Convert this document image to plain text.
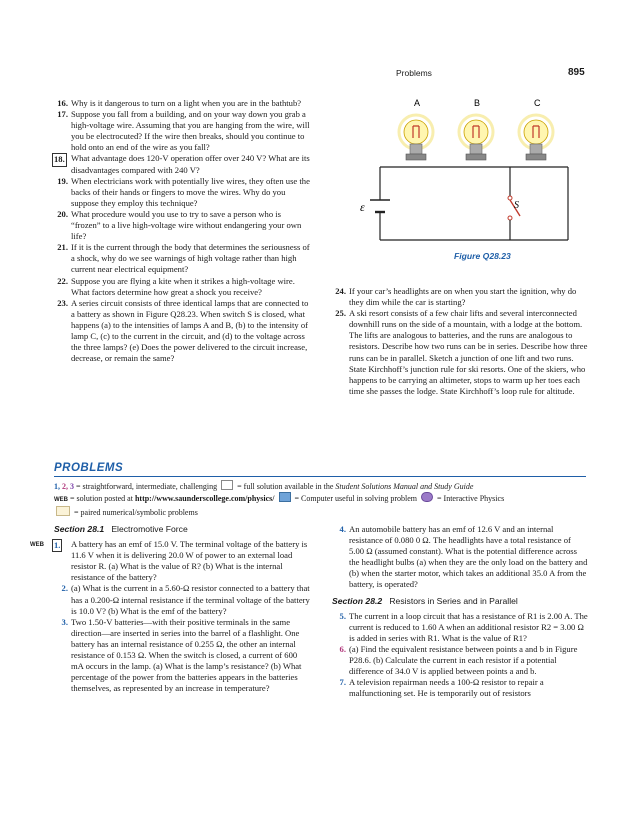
Problems	895

16. Why is it dangerous to turn on a light when you are in the bathtub?

17. Suppose you fall from a building, and on your way down you grab a high-voltage wire. Assuming that you are hanging from the wire, will you be electrocuted? If the wire then breaks, should you continue to hold onto an end of the wire as you fall?

18. What advantage does 120-V operation offer over 240 V? What are its disadvantages compared with 240 V?

19. When electricians work with potentially live wires, they often use the backs of their hands or fingers to move the wires. Why do you suppose they employ this technique?

20. What procedure would you use to try to save a person who is “frozen” to a live high-voltage wire without endangering your own life?

21. If it is the current through the body that determines the seriousness of a shock, why do we see warnings of high voltage rather than high current near electrical equipment?

22. Suppose you are flying a kite when it strikes a high-voltage wire. What factors determine how great a shock you receive?

23. A series circuit consists of three identical lamps that are connected to a battery as shown in Figure Q28.23. When switch S is closed, what happens (a) to the intensities of lamps A and B, (b) to the intensity of lamp C, (c) to the current in the circuit, and (d) to the voltage across the three lamps? (e) Does the power delivered to the circuit increase, decrease, or remain the same?

A	B	C
ε	S
Figure Q28.23

24. If your car’s headlights are on when you start the ignition, why do they dim while the car is starting?

25. A ski resort consists of a few chair lifts and several interconnected downhill runs on the side of a mountain, with a lodge at the bottom. The lifts are analogous to batteries, and the runs are analogous to resistors. Describe how two runs can be in series. Describe how three runs can be in parallel. Sketch a junction of one lift and two runs. State Kirchhoff’s junction rule for ski resorts. One of the skiers, who happens to be carrying an altimeter, stops to warm up her toes each time she passes the lodge. State Kirchhoff’s loop rule for altitude.

PROBLEMS
1, 2, 3 = straightforward, intermediate, challenging  = full solution available in the Student Solutions Manual and Study Guide
WEB = solution posted at http://www.saunderscollege.com/physics/  = Computer useful in solving problem  = Interactive Physics
= paired numerical/symbolic problems
Section 28.1 Electromotive Force

WEB 1. A battery has an emf of 15.0 V. The terminal voltage of the battery is 11.6 V when it is delivering 20.0 W of power to an external load resistor R. (a) What is the value of R? (b) What is the internal resistance of the battery?

2. (a) What is the current in a 5.60-Ω resistor connected to a battery that has a 0.200-Ω internal resistance if the terminal voltage of the battery is 10.0 V? (b) What is the emf of the battery?

3. Two 1.50-V batteries—with their positive terminals in the same direction—are inserted in series into the barrel of a flashlight. One battery has an internal resistance of 0.255 Ω, the other an internal resistance of 0.153 Ω. When the switch is closed, a current of 600 mA occurs in the lamp. (a) What is the lamp’s resistance? (b) What percentage of the power from the batteries appears in the batteries themselves, as represented by an increase in temperature?

4. An automobile battery has an emf of 12.6 V and an internal resistance of 0.080 0 Ω. The headlights have a total resistance of 5.00 Ω (assumed constant). What is the potential difference across the headlight bulbs (a) when they are the only load on the battery and (b) when the starter motor, which takes an additional 35.0 A from the battery, is operated?

Section 28.2 Resistors in Series and in Parallel

5. The current in a loop circuit that has a resistance of R1 is 2.00 A. The current is reduced to 1.60 A when an additional resistor R2 = 3.00 Ω is added in series with R1. What is the value of R1?

6. (a) Find the equivalent resistance between points a and b in Figure P28.6. (b) Calculate the current in each resistor if a potential difference of 34.0 V is applied between points a and b.

7. A television repairman needs a 100-Ω resistor to repair a malfunctioning set. He is temporarily out of resistors
